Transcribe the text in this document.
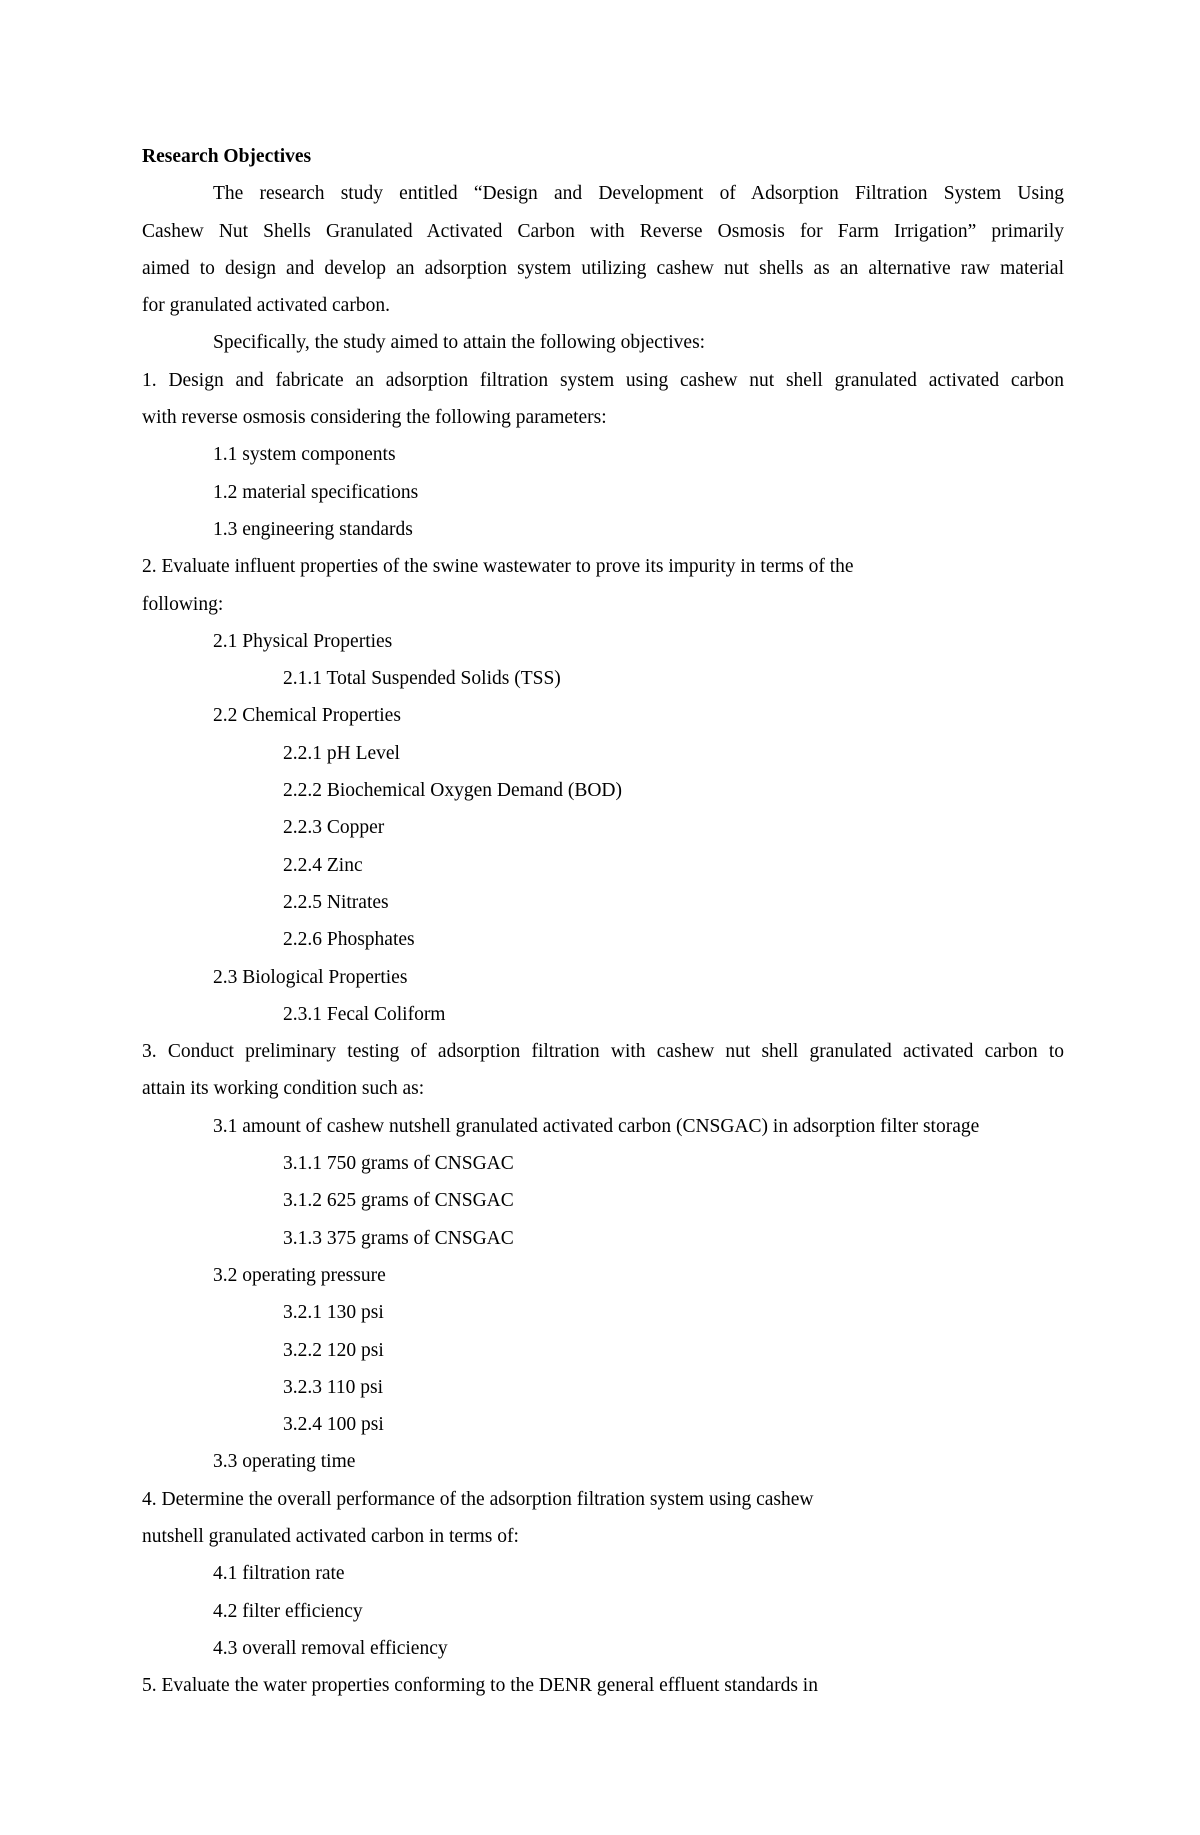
Research Objectives
The research study entitled “Design and Development of Adsorption Filtration System Using
Cashew Nut Shells Granulated Activated Carbon with Reverse Osmosis for Farm Irrigation” primarily
aimed to design and develop an adsorption system utilizing cashew nut shells as an alternative raw material
for granulated activated carbon.
Specifically, the study aimed to attain the following objectives:
1. Design and fabricate an adsorption filtration system using cashew nut shell granulated activated carbon
with reverse osmosis considering the following parameters:
1.1 system components
1.2 material specifications
1.3 engineering standards
2. Evaluate influent properties of the swine wastewater to prove its impurity in terms of the
following:
2.1 Physical Properties
2.1.1 Total Suspended Solids (TSS)
2.2 Chemical Properties
2.2.1 pH Level
2.2.2 Biochemical Oxygen Demand (BOD)
2.2.3 Copper
2.2.4 Zinc
2.2.5 Nitrates
2.2.6 Phosphates
2.3 Biological Properties
2.3.1 Fecal Coliform
3. Conduct preliminary testing of adsorption filtration with cashew nut shell granulated activated carbon to
attain its working condition such as:
3.1 amount of cashew nutshell granulated activated carbon (CNSGAC) in adsorption filter storage
3.1.1 750 grams of CNSGAC
3.1.2 625 grams of CNSGAC
3.1.3 375 grams of CNSGAC
3.2 operating pressure
3.2.1 130 psi
3.2.2 120 psi
3.2.3 110 psi
3.2.4 100 psi
3.3 operating time
4. Determine the overall performance of the adsorption filtration system using cashew
nutshell granulated activated carbon in terms of:
4.1 filtration rate
4.2 filter efficiency
4.3 overall removal efficiency
5. Evaluate the water properties conforming to the DENR general effluent standards in
